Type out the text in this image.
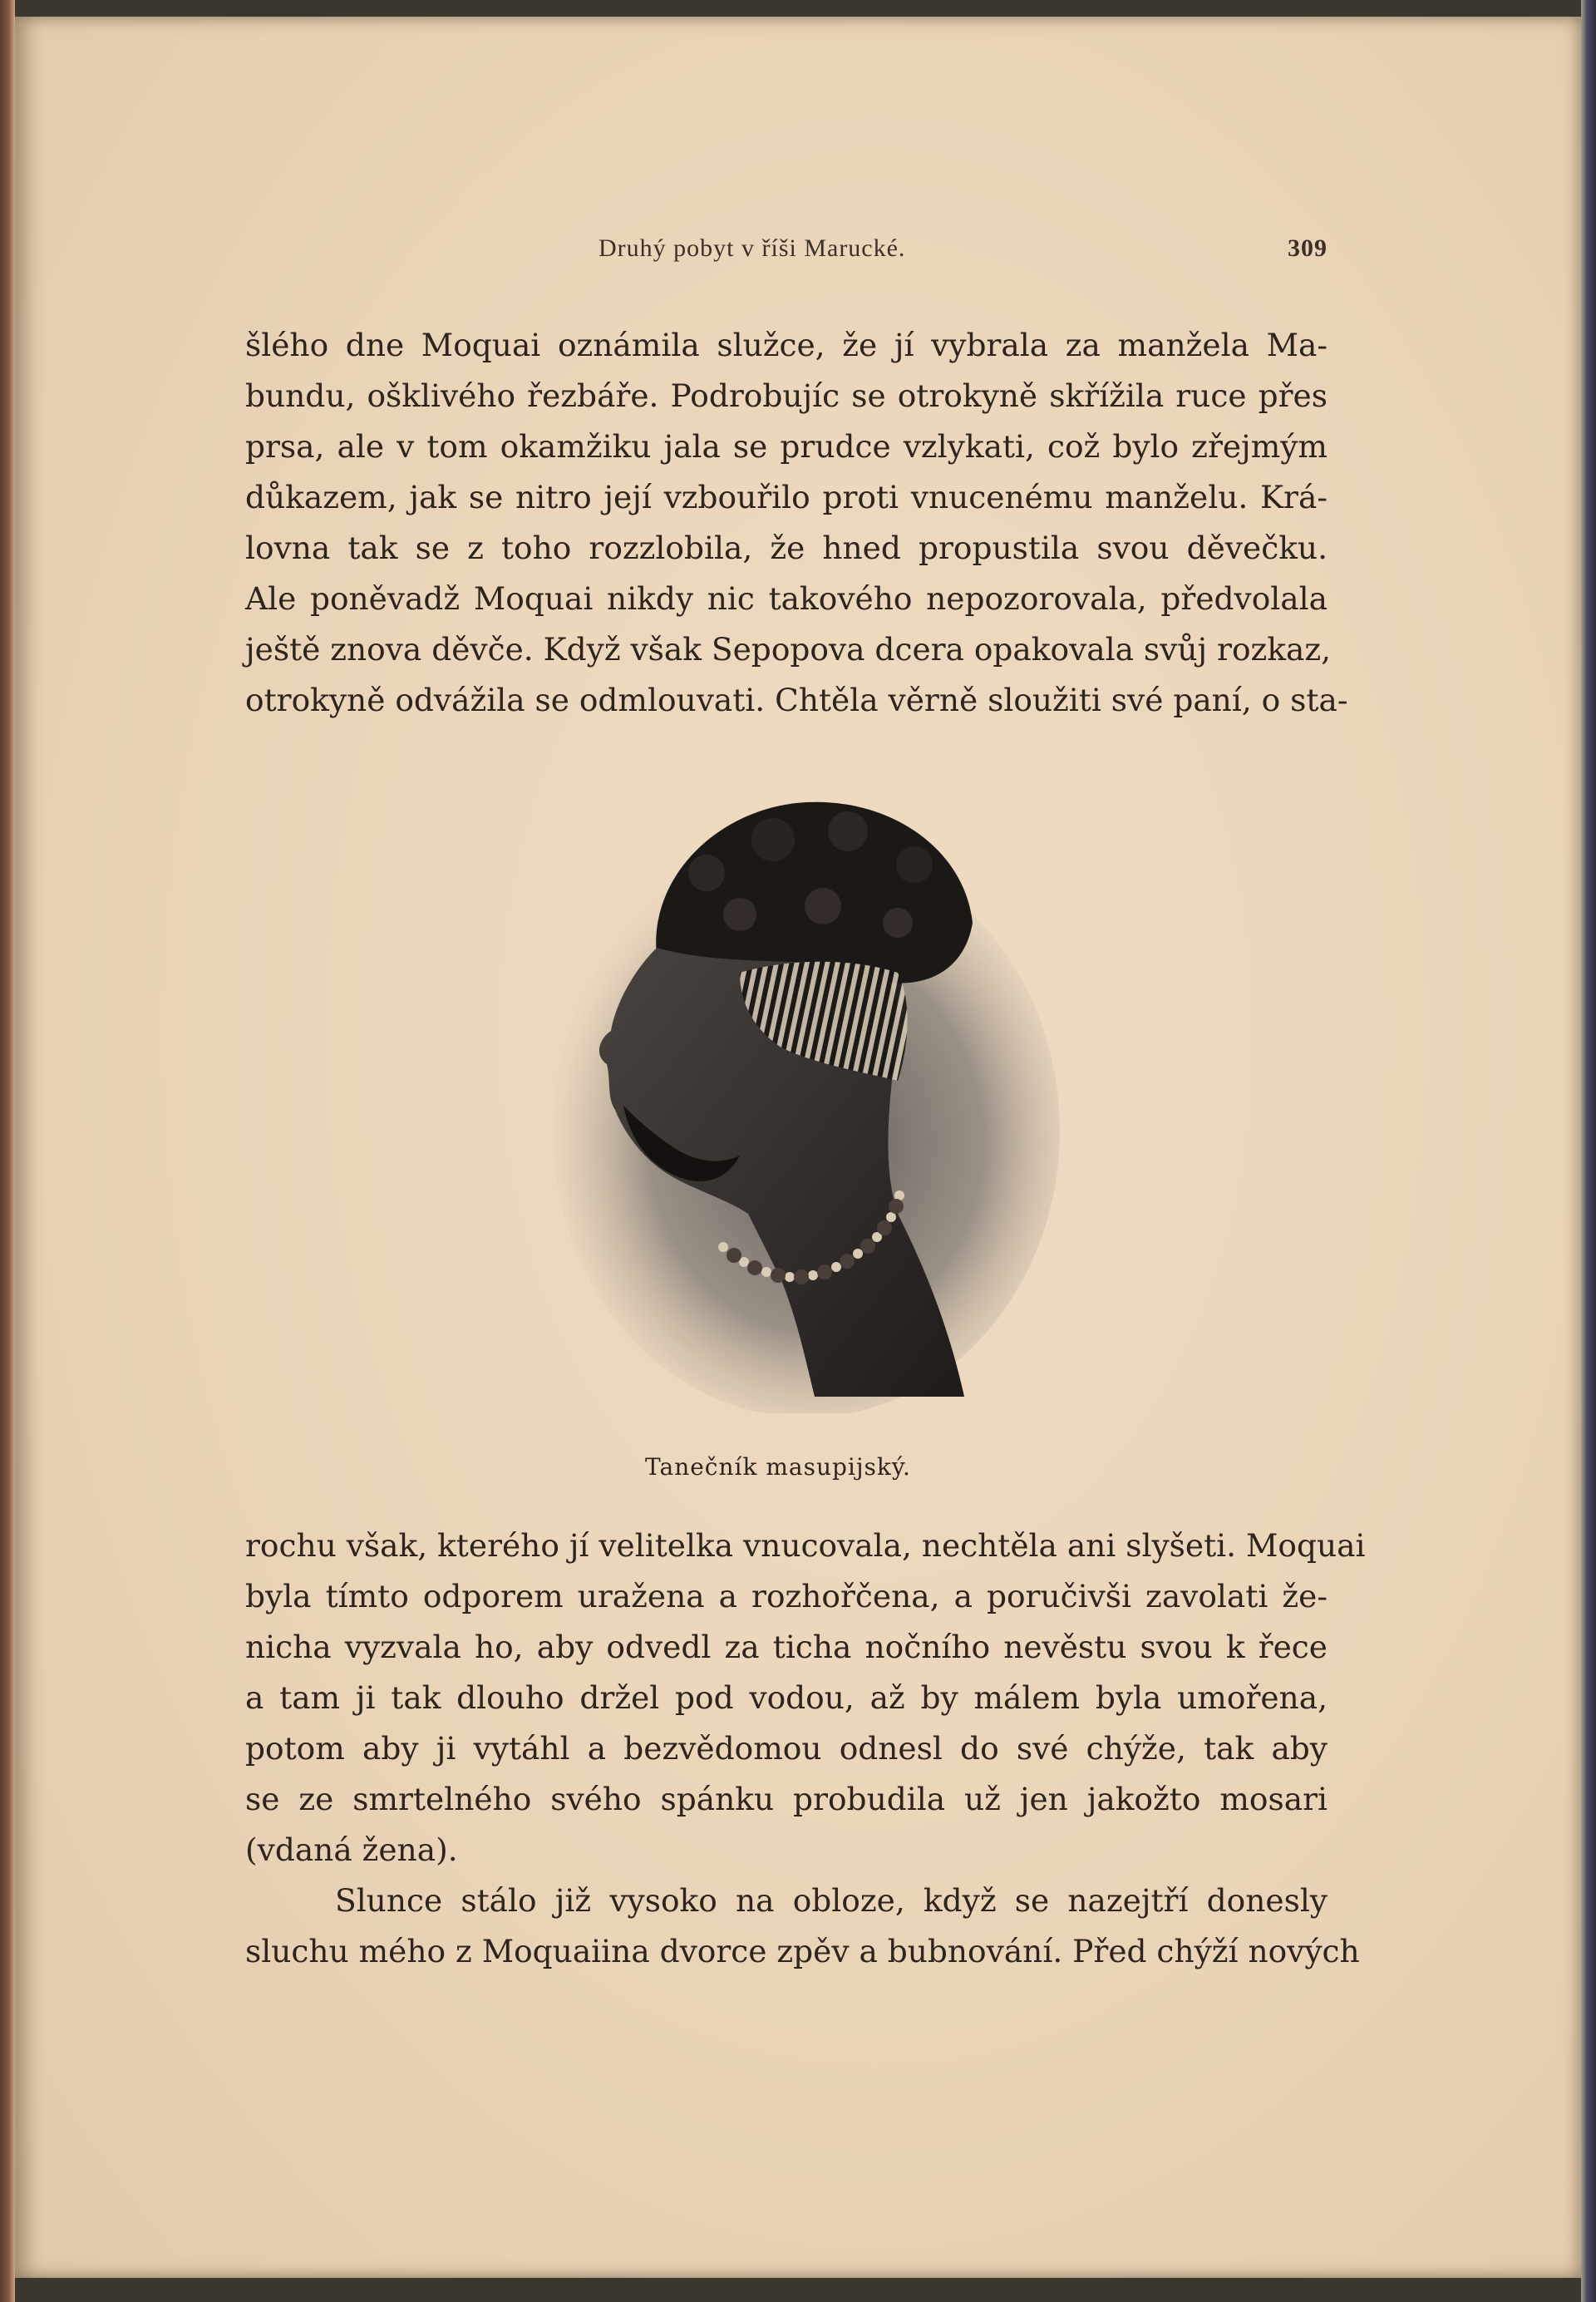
Druhý pobyt v říši Marucké.	309
šlého dne Moquai oznámila služce, že jí vybrala za manžela Ma-
bundu, ošklivého řezbáře. Podrobujíc se otrokyně skřížila ruce přes
prsa, ale v tom okamžiku jala se prudce vzlykati, což bylo zřejmým
důkazem, jak se nitro její vzbouřilo proti vnucenému manželu. Krá-
lovna tak se z toho rozzlobila, že hned propustila svou děvečku.
Ale poněvadž Moquai nikdy nic takového nepozorovala, předvolala
ještě znova děvče. Když však Sepopova dcera opakovala svůj rozkaz,
otrokyně odvážila se odmlouvati. Chtěla věrně sloužiti své paní, o sta-
Tanečník masupijský.
rochu však, kterého jí velitelka vnucovala, nechtěla ani slyšeti. Moquai
byla tímto odporem uražena a rozhořčena, a poručivši zavolati že-
nicha vyzvala ho, aby odvedl za ticha nočního nevěstu svou k řece
a tam ji tak dlouho držel pod vodou, až by málem byla umořena,
potom aby ji vytáhl a bezvědomou odnesl do své chýže, tak aby
se ze smrtelného svého spánku probudila už jen jakožto mosari
(vdaná žena).
Slunce stálo již vysoko na obloze, když se nazejtří donesly
sluchu mého z Moquaiina dvorce zpěv a bubnování. Před chýží nových
